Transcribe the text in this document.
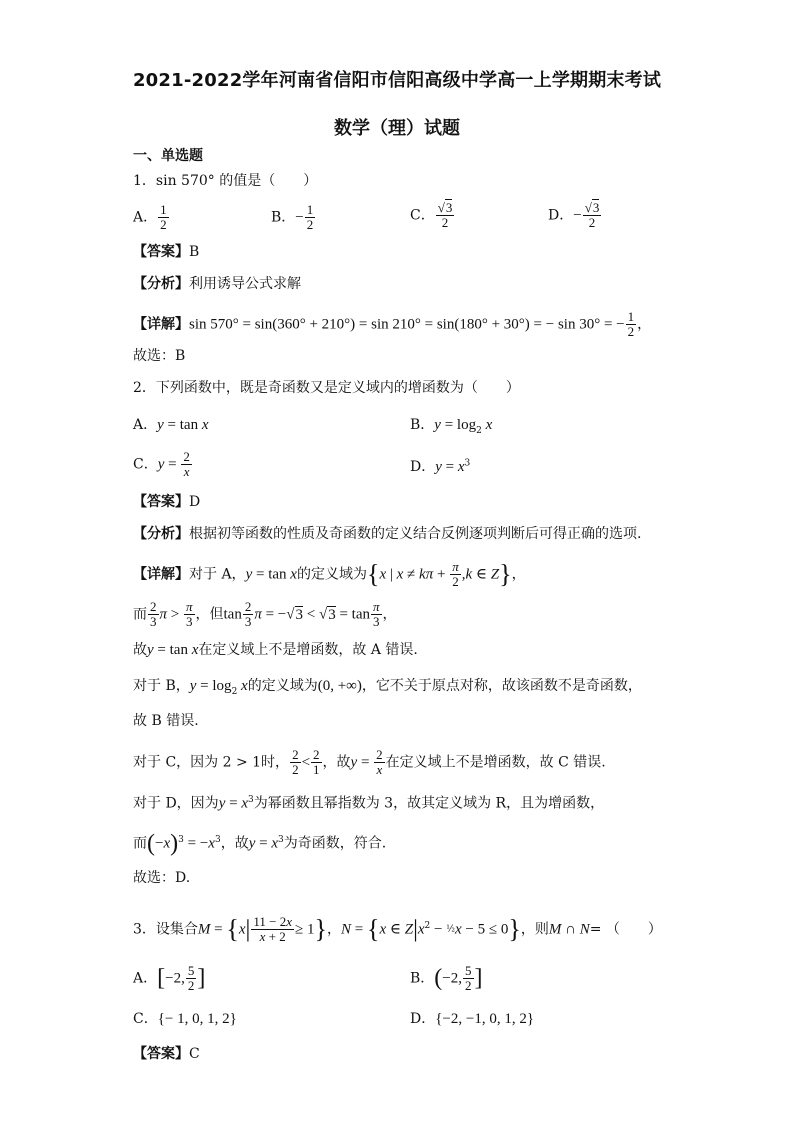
2021-2022学年河南省信阳市信阳高级中学高一上学期期末考试
数学（理）试题
一、单选题
1．sin 570° 的值是（　　）
A． $\frac{1}{2}$	B．− $\frac{1}{2}$	C． $\frac{√3}{2}$	D．− $\frac{√3}{2}$
【答案】B
【分析】利用诱导公式求解
【详解】sin 570° = sin(360° + 210°) = sin 210° = sin(180° + 30°) = − sin 30° = − $\frac{1}{2}$ ，
故选：B
2．下列函数中，既是奇函数又是定义域内的增函数为（　　）
A．y = tan x	B．$y = \log_2 x$
C．$y = \frac{2}{x}$	D．$y = x^3$
【答案】D
【分析】根据初等函数的性质及奇函数的定义结合反例逐项判断后可得正确的选项.
【详解】对于 A，y = tan x的定义域为{x | $x \ne k\pi + \frac{\pi}{2} ,k$ ∈ Z}，
而 $\frac{2}{3}$ $\pi > \frac{\pi}{3}$ ，但$\tan \frac{2}{3}$ $\pi = -√3 < √3 = \tan \frac{\pi}{3}$ ，
故y = tan x在定义域上不是增函数，故 A 错误.
对于 B，$y = \log_2 x$的定义域为(0, +∞)，它不关于原点对称，故该函数不是奇函数，
故 B 错误.
对于 C，因为 2 > 1时， $\frac{2}{2} < \frac{2}{1}$ ，故$y = \frac{2}{x}$ 在定义域上不是增函数，故 C 错误.
对于 D，因为$y = x^3$为幂函数且幂指数为 3，故其定义域为 R，且为增函数，
而$(-x)^3 = -x^3$，故$y = x^3$为奇函数，符合.
故选：D.
3．设集合$M = \{x| \frac{11 - 2x}{x + 2} \ge 1\}$，N = {x ∈ $Z|x^2$ − ½x − 5 ≤ 0}，则M ∩ N= （　　）
A．[−2, $\frac{5}{2}$ ]	B．(−2, $\frac{5}{2}$ ]
C．{− 1, 0, 1, 2}	D．{−2, −1, 0, 1, 2}
【答案】C
